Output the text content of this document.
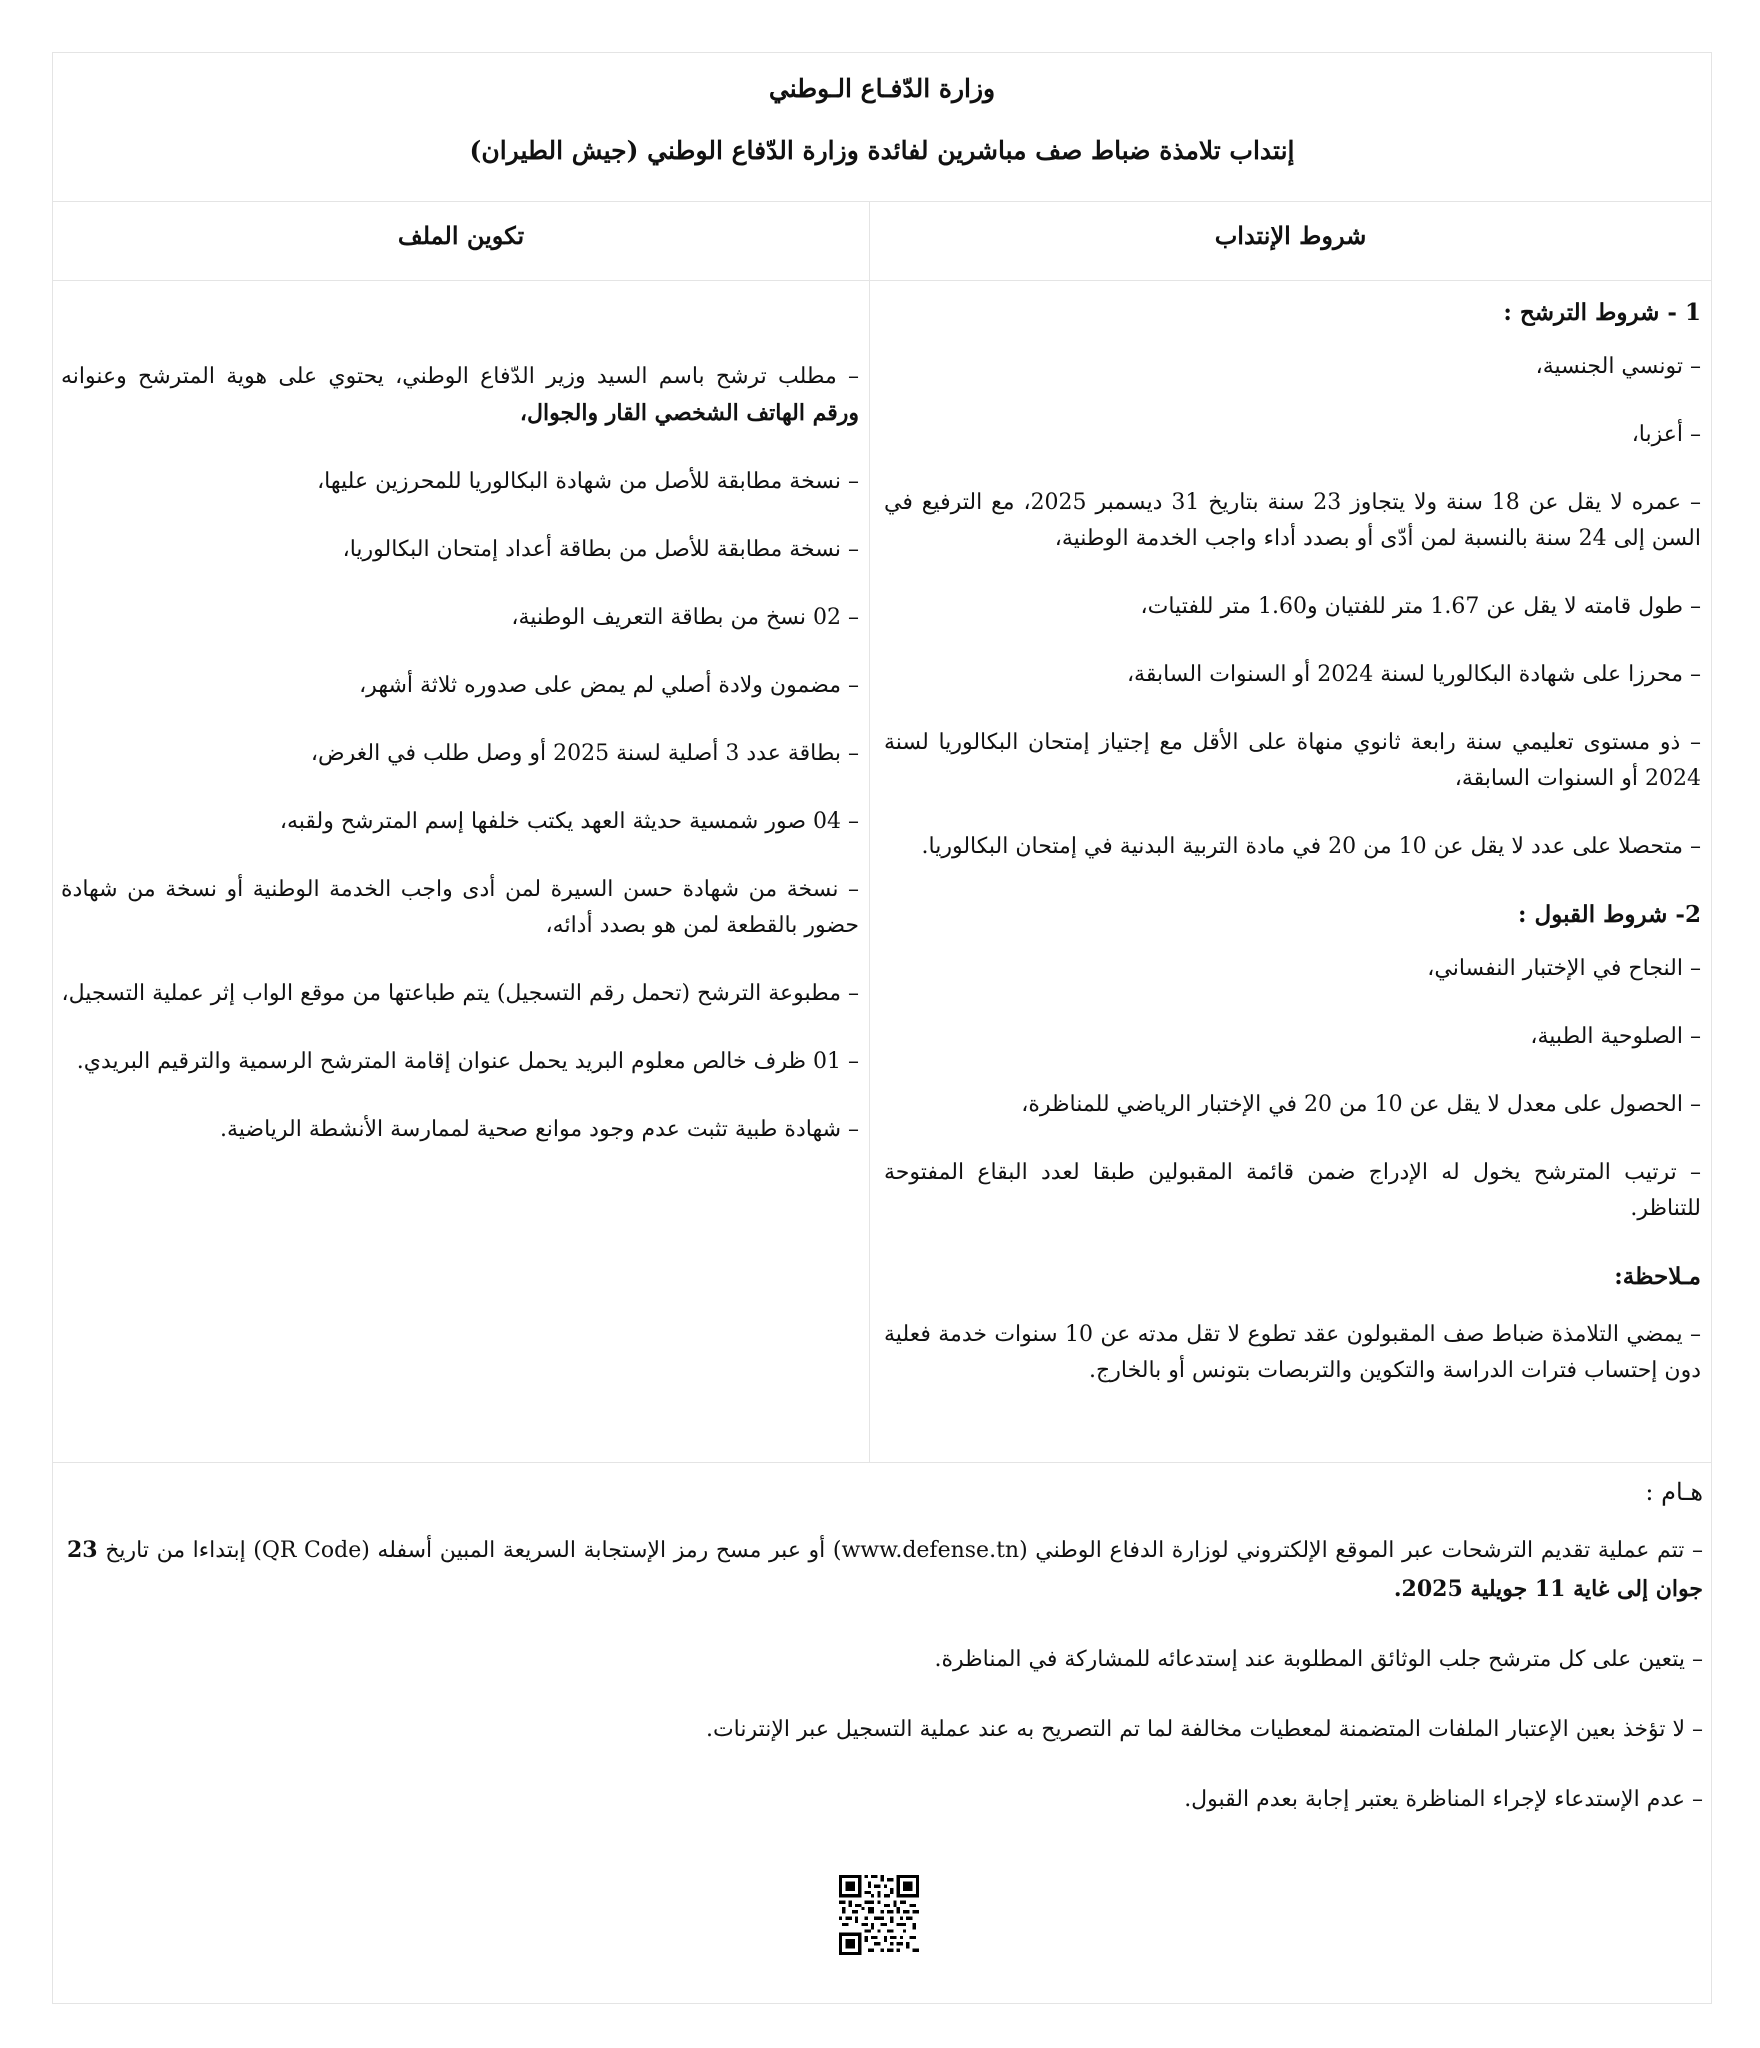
وزارة الدّفـاع الـوطني
إنتداب تلامذة ضباط صف مباشرين لفائدة وزارة الدّفاع الوطني (جيش الطيران)
شروط الإنتداب
1 - شروط الترشح :
– تونسي الجنسية،
– أعزبا،
– عمره لا يقل عن 18 سنة ولا يتجاوز 23 سنة بتاريخ 31 ديسمبر 2025، مع الترفيع في السن إلى 24 سنة بالنسبة لمن أدّى أو بصدد أداء واجب الخدمة الوطنية،
– طول قامته لا يقل عن 1.67 متر للفتيان و1.60 متر للفتيات،
– محرزا على شهادة البكالوريا لسنة 2024 أو السنوات السابقة،
– ذو مستوى تعليمي سنة رابعة ثانوي منهاة على الأقل مع إجتياز إمتحان البكالوريا لسنة 2024 أو السنوات السابقة،
– متحصلا على عدد لا يقل عن 10 من 20 في مادة التربية البدنية في إمتحان البكالوريا.
2- شروط القبول :
– النجاح في الإختبار النفساني،
– الصلوحية الطبية،
– الحصول على معدل لا يقل عن 10 من 20 في الإختبار الرياضي للمناظرة،
– ترتيب المترشح يخول له الإدراج ضمن قائمة المقبولين طبقا لعدد البقاع المفتوحة للتناظر.
مـلاحظة:
– يمضي التلامذة ضباط صف المقبولون عقد تطوع لا تقل مدته عن 10 سنوات خدمة فعلية دون إحتساب فترات الدراسة والتكوين والتربصات بتونس أو بالخارج.
تكوين الملف
– مطلب ترشح باسم السيد وزير الدّفاع الوطني، يحتوي على هوية المترشح وعنوانه ورقم الهاتف الشخصي القار والجوال،
– نسخة مطابقة للأصل من شهادة البكالوريا للمحرزين عليها،
– نسخة مطابقة للأصل من بطاقة أعداد إمتحان البكالوريا،
– 02 نسخ من بطاقة التعريف الوطنية،
– مضمون ولادة أصلي لم يمض على صدوره ثلاثة أشهر،
– بطاقة عدد 3 أصلية لسنة 2025 أو وصل طلب في الغرض،
– 04 صور شمسية حديثة العهد يكتب خلفها إسم المترشح ولقبه،
– نسخة من شهادة حسن السيرة لمن أدى واجب الخدمة الوطنية أو نسخة من شهادة حضور بالقطعة لمن هو بصدد أدائه،
– مطبوعة الترشح (تحمل رقم التسجيل) يتم طباعتها من موقع الواب إثر عملية التسجيل،
– 01 ظرف خالص معلوم البريد يحمل عنوان إقامة المترشح الرسمية والترقيم البريدي.
– شهادة طبية تثبت عدم وجود موانع صحية لممارسة الأنشطة الرياضية.
هـام :
– تتم عملية تقديم الترشحات عبر الموقع الإلكتروني لوزارة الدفاع الوطني (www.defense.tn) أو عبر مسح رمز الإستجابة السريعة المبين أسفله (QR Code) إبتداءا من تاريخ 23 جوان إلى غاية 11 جويلية 2025.
– يتعين على كل مترشح جلب الوثائق المطلوبة عند إستدعائه للمشاركة في المناظرة.
– لا تؤخذ بعين الإعتبار الملفات المتضمنة لمعطيات مخالفة لما تم التصريح به عند عملية التسجيل عبر الإنترنات.
– عدم الإستدعاء لإجراء المناظرة يعتبر إجابة بعدم القبول.
